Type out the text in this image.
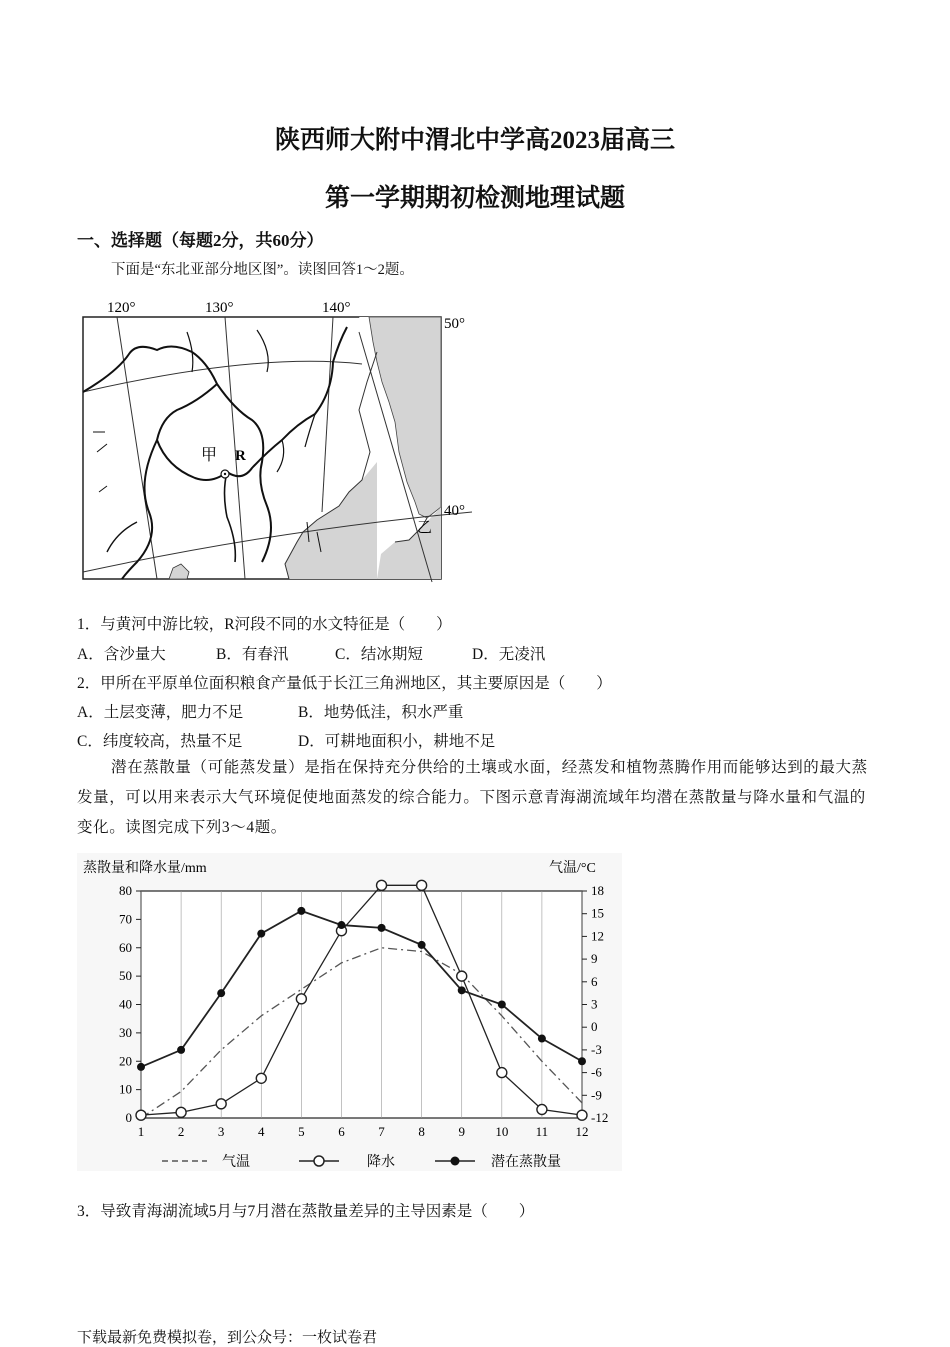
陕西师大附中渭北中学高2023届高三
第一学期期初检测地理试题
一、选择题（每题2分，共60分）
下面是“东北亚部分地区图”。读图回答1～2题。
120°	130°	140°
50°
40°
甲 R
乙
1．与黄河中游比较，R河段不同的水文特征是（　　）
A．含沙量大	B．有春汛	C．结冰期短	D．无凌汛
2．甲所在平原单位面积粮食产量低于长江三角洲地区，其主要原因是（　　）
A．土层变薄，肥力不足	B．地势低洼，积水严重
C．纬度较高，热量不足	D．可耕地面积小，耕地不足
潜在蒸散量（可能蒸发量）是指在保持充分供给的土壤或水面，经蒸发和植物蒸腾作用而能够达到的最大蒸发量，可以用来表示大气环境促使地面蒸发的综合能力。下图示意青海湖流域年均潜在蒸散量与降水量和气温的变化。读图完成下列3～4题。
蒸散量和降水量/mm	气温/°C
1	2	3	4	5	6	7	8	9 10 11 12
0
10
20
30
40
50
60
70
80
-12
-9
-6
-3
0
3
6
9
12
15
18
气温	降水	潜在蒸散量
3．导致青海湖流域5月与7月潜在蒸散量差异的主导因素是（　　）
下载最新免费模拟卷，到公众号：一枚试卷君
